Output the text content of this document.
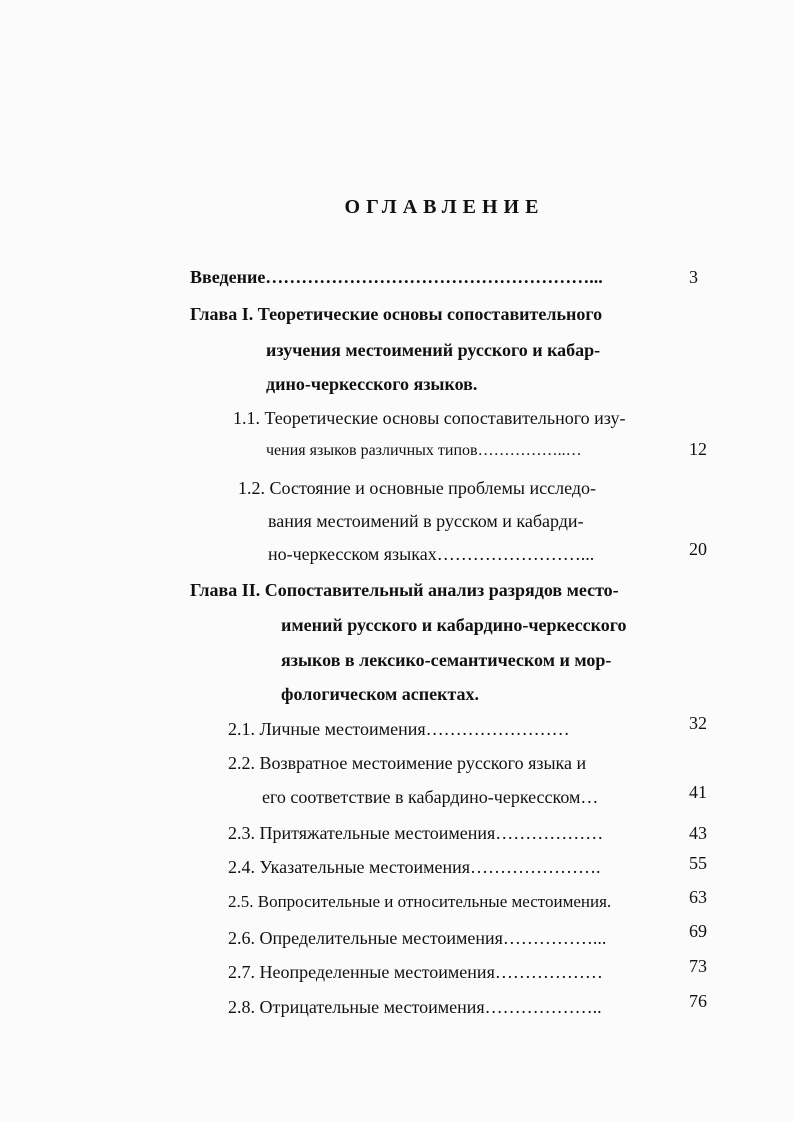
ОГЛАВЛЕНИЕ
Введение………………………………………………...	3
Глава I. Теоретические основы сопоставительного
изучения местоимений русского и кабар-
дино-черкесского языков.
1.1. Теоретические основы сопоставительного изу-
чения языков различных типов……………..…	12
1.2. Состояние и основные проблемы исследо-
вания местоимений в русском и кабарди-
но-черкесском языках……………………...	20
Глава II. Сопоставительный анализ разрядов место-
имений русского и кабардино-черкесского
языков в лексико-семантическом и мор-
фологическом аспектах.
2.1. Личные местоимения……………………	32
2.2. Возвратное местоимение русского языка и
его соответствие в кабардино-черкесском…	41
2.3. Притяжательные местоимения………………	43
2.4. Указательные местоимения………………….	55
2.5. Вопросительные и относительные местоимения.	63
2.6. Определительные местоимения……………...	69
2.7. Неопределенные местоимения………………	73
2.8. Отрицательные местоимения………………..	76
